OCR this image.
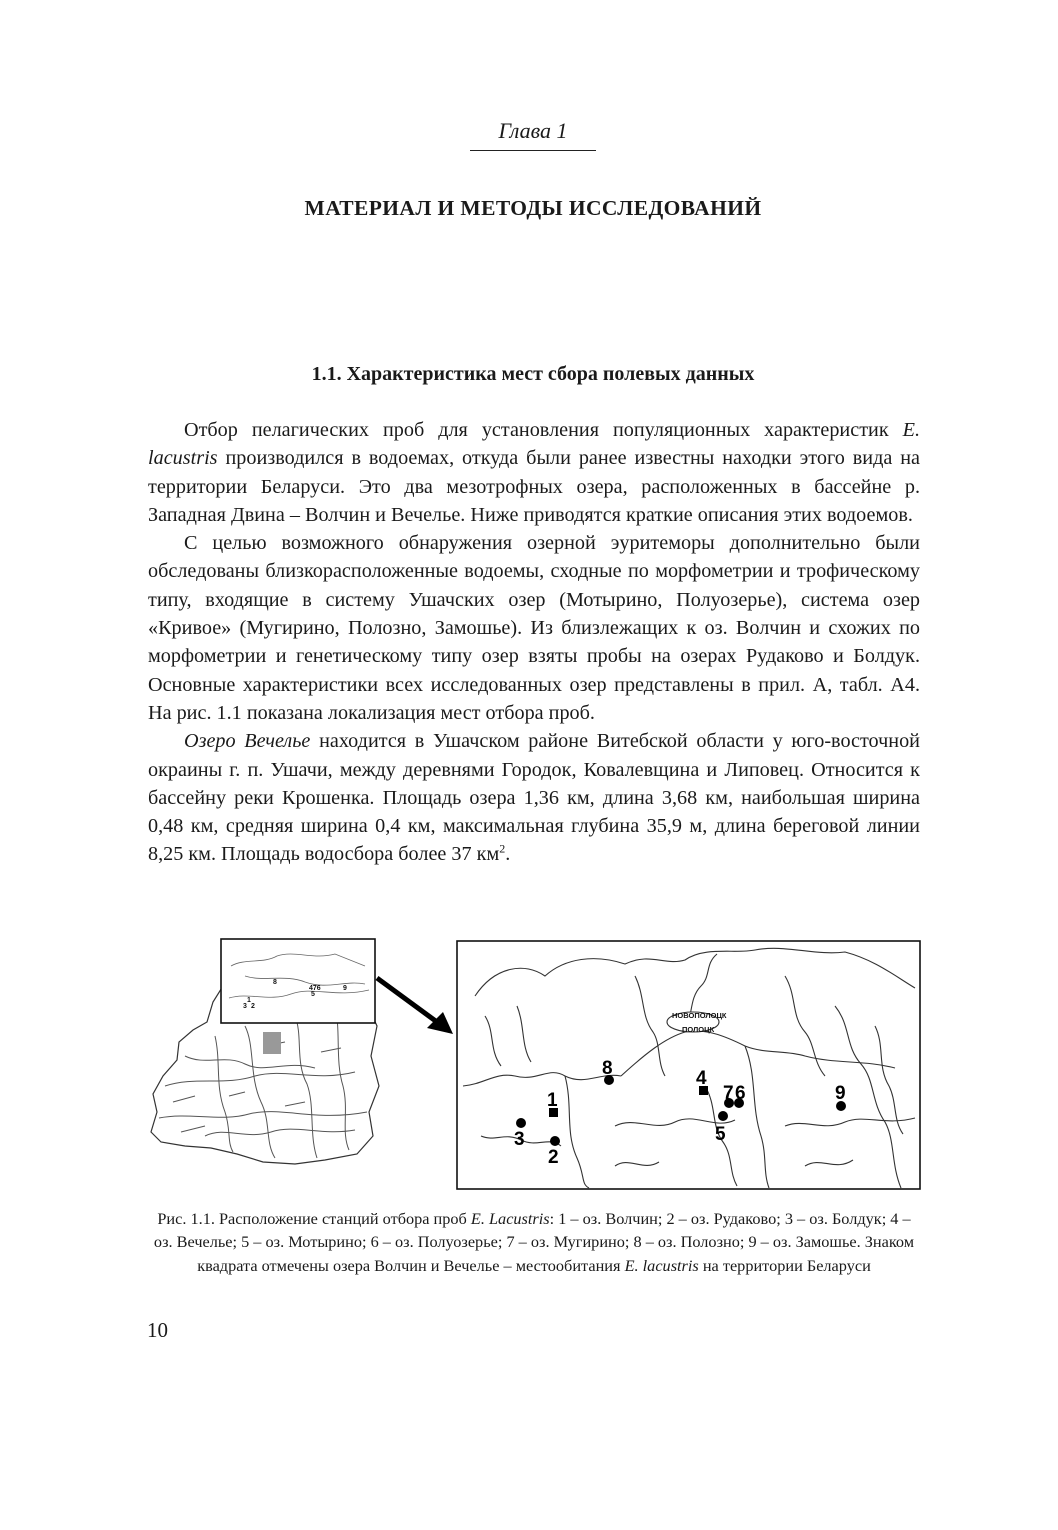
Глава 1
МАТЕРИАЛ И МЕТОДЫ ИССЛЕДОВАНИЙ
1.1. Характеристика мест сбора полевых данных

Отбор пелагических проб для установления популяционных характеристик E. lacustris производился в водоемах, откуда были ранее известны находки этого вида на территории Беларуси. Это два мезотрофных озера, расположенных в бассейне р. Западная Двина – Волчин и Вечелье. Ниже приводятся краткие описания этих водоемов.

С целью возможного обнаружения озерной эуритеморы дополнительно были обследованы близкорасположенные водоемы, сходные по морфометрии и трофическому типу, входящие в систему Ушачских озер (Мотырино, Полуозерье), система озер «Кривое» (Мугирино, Полозно, Замошье). Из близлежащих к оз. Волчин и схожих по морфометрии и генетическому типу озер взяты пробы на озерах Рудаково и Болдук. Основные характеристики всех исследованных озер представлены в прил. А, табл. А4. На рис. 1.1 показана локализация мест отбора проб.

Озеро Вечелье находится в Ушачском районе Витебской области у юго-восточной окраины г. п. Ушачи, между деревнями Городок, Ковалевщина и Липовец. Относится к бассейну реки Крошенка. Площадь озера 1,36 км, длина 3,68 км, наибольшая ширина 0,48 км, средняя ширина 0,4 км, максимальная глубина 35,9 м, длина береговой линии 8,25 км. Площадь водосбора более 37 $км^2$.

1
3 2
8
476
5
9
НОВОПОЛОЦК
ПОЛОЦК
1
2
3
4
5
6
7
8
9
Рис. 1.1. Расположение станций отбора проб E. Lacustris: 1 – оз. Волчин; 2 – оз. Рудаково; 3 – оз. Болдук; 4 – оз. Вечелье; 5 – оз. Мотырино; 6 – оз. Полуозерье; 7 – оз. Мугирино; 8 – оз. Полозно; 9 – оз. Замошье. Знаком квадрата отмечены озера Волчин и Вечелье – местообитания E. lacustris на территории Беларуси
10
